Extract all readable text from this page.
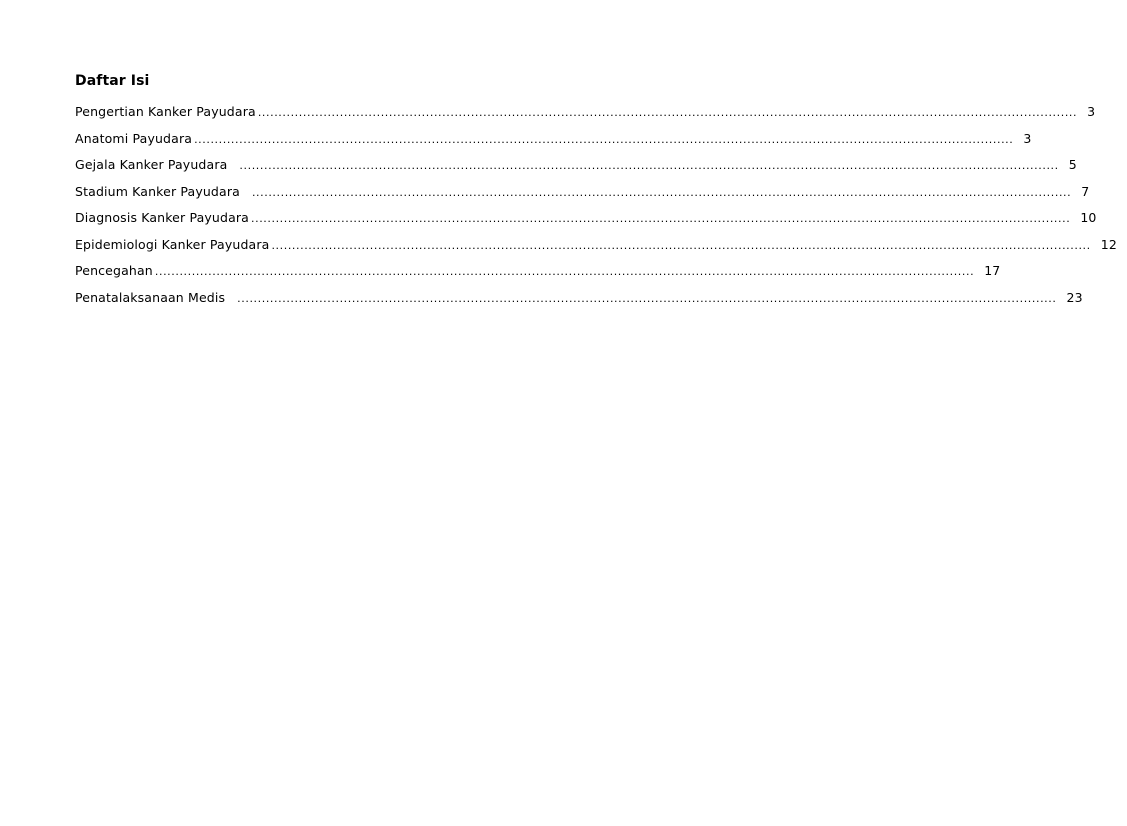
Daftar Isi
Pengertian Kanker Payudara ........................................................................................................................................................................................................ 3
Anatomi Payudara ........................................................................................................................................................................................................ 3
Gejala Kanker Payudara ........................................................................................................................................................................................................ 5
Stadium Kanker Payudara ........................................................................................................................................................................................................ 7
Diagnosis Kanker Payudara ........................................................................................................................................................................................................ 10
Epidemiologi Kanker Payudara ........................................................................................................................................................................................................ 12
Pencegahan ........................................................................................................................................................................................................ 17
Penatalaksanaan Medis ........................................................................................................................................................................................................ 23
